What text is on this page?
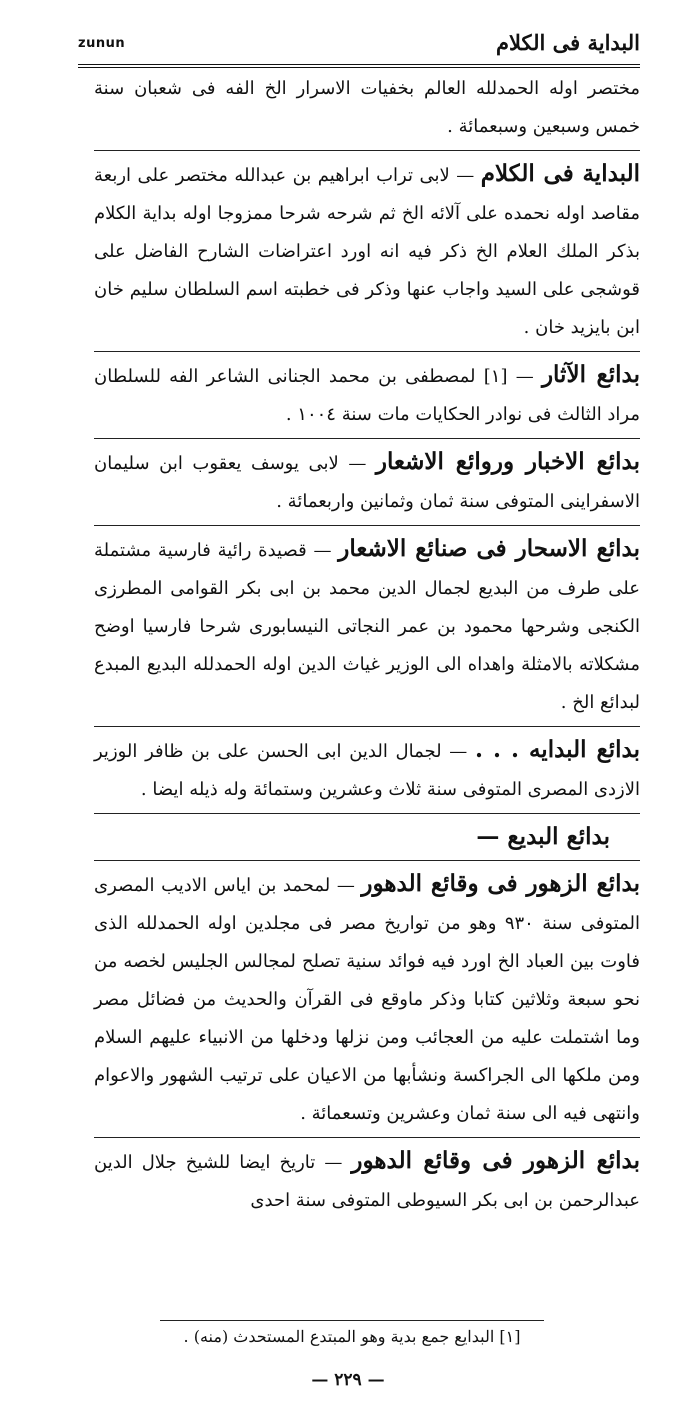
البداية فى الكلام
zunun

مختصر اوله الحمدلله العالم بخفيات الاسرار الخ الفه فى شعبان سنة خمس وسبعين وسبعمائة .

البداية فى الكلام — لابى تراب ابراهيم بن عبدالله مختصر على اربعة مقاصد اوله نحمده على آلائه الخ ثم شرحه شرحا ممزوجا اوله بداية الكلام بذكر الملك العلام الخ ذكر فيه انه اورد اعتراضات الشارح الفاضل على قوشجى على السيد واجاب عنها وذكر فى خطبته اسم السلطان سليم خان ابن بايزيد خان .

بدائع الآثار — [١] لمصطفى بن محمد الجنانى الشاعر الفه للسلطان مراد الثالث فى نوادر الحكايات مات سنة ١٠٠٤ .

بدائع الاخبار وروائع الاشعار — لابى يوسف يعقوب ابن سليمان الاسفراينى المتوفى سنة ثمان وثمانين واربعمائة .

بدائع الاسحار فى صنائع الاشعار — قصيدة رائية فارسية مشتملة على طرف من البديع لجمال الدين محمد بن ابى بكر القوامى المطرزى الكنجى وشرحها محمود بن عمر النجاتى النيسابورى شرحا فارسيا اوضح مشكلاته بالامثلة واهداه الى الوزير غياث الدين اوله الحمدلله البديع المبدع لبدائع الخ .

بدائع البدايه . . . — لجمال الدين ابى الحسن على بن ظافر الوزير الازدى المصرى المتوفى سنة ثلاث وعشرين وستمائة وله ذيله ايضا .

بدائع البديع —

بدائع الزهور فى وقائع الدهور — لمحمد بن اياس الاديب المصرى المتوفى سنة ٩٣٠ وهو من تواريخ مصر فى مجلدين اوله الحمدلله الذى فاوت بين العباد الخ اورد فيه فوائد سنية تصلح لمجالس الجليس لخصه من نحو سبعة وثلاثين كتابا وذكر ماوقع فى القرآن والحديث من فضائل مصر وما اشتملت عليه من العجائب ومن نزلها ودخلها من الانبياء عليهم السلام ومن ملكها الى الجراكسة ونشأبها من الاعيان على ترتيب الشهور والاعوام وانتهى فيه الى سنة ثمان وعشرين وتسعمائة .

بدائع الزهور فى وقائع الدهور — تاريخ ايضا للشيخ جلال الدين عبدالرحمن بن ابى بكر السيوطى المتوفى سنة احدى

[١] البدايع جمع بدية وهو المبتدع المستحدث (منه) .
— ٢٢٩ —
